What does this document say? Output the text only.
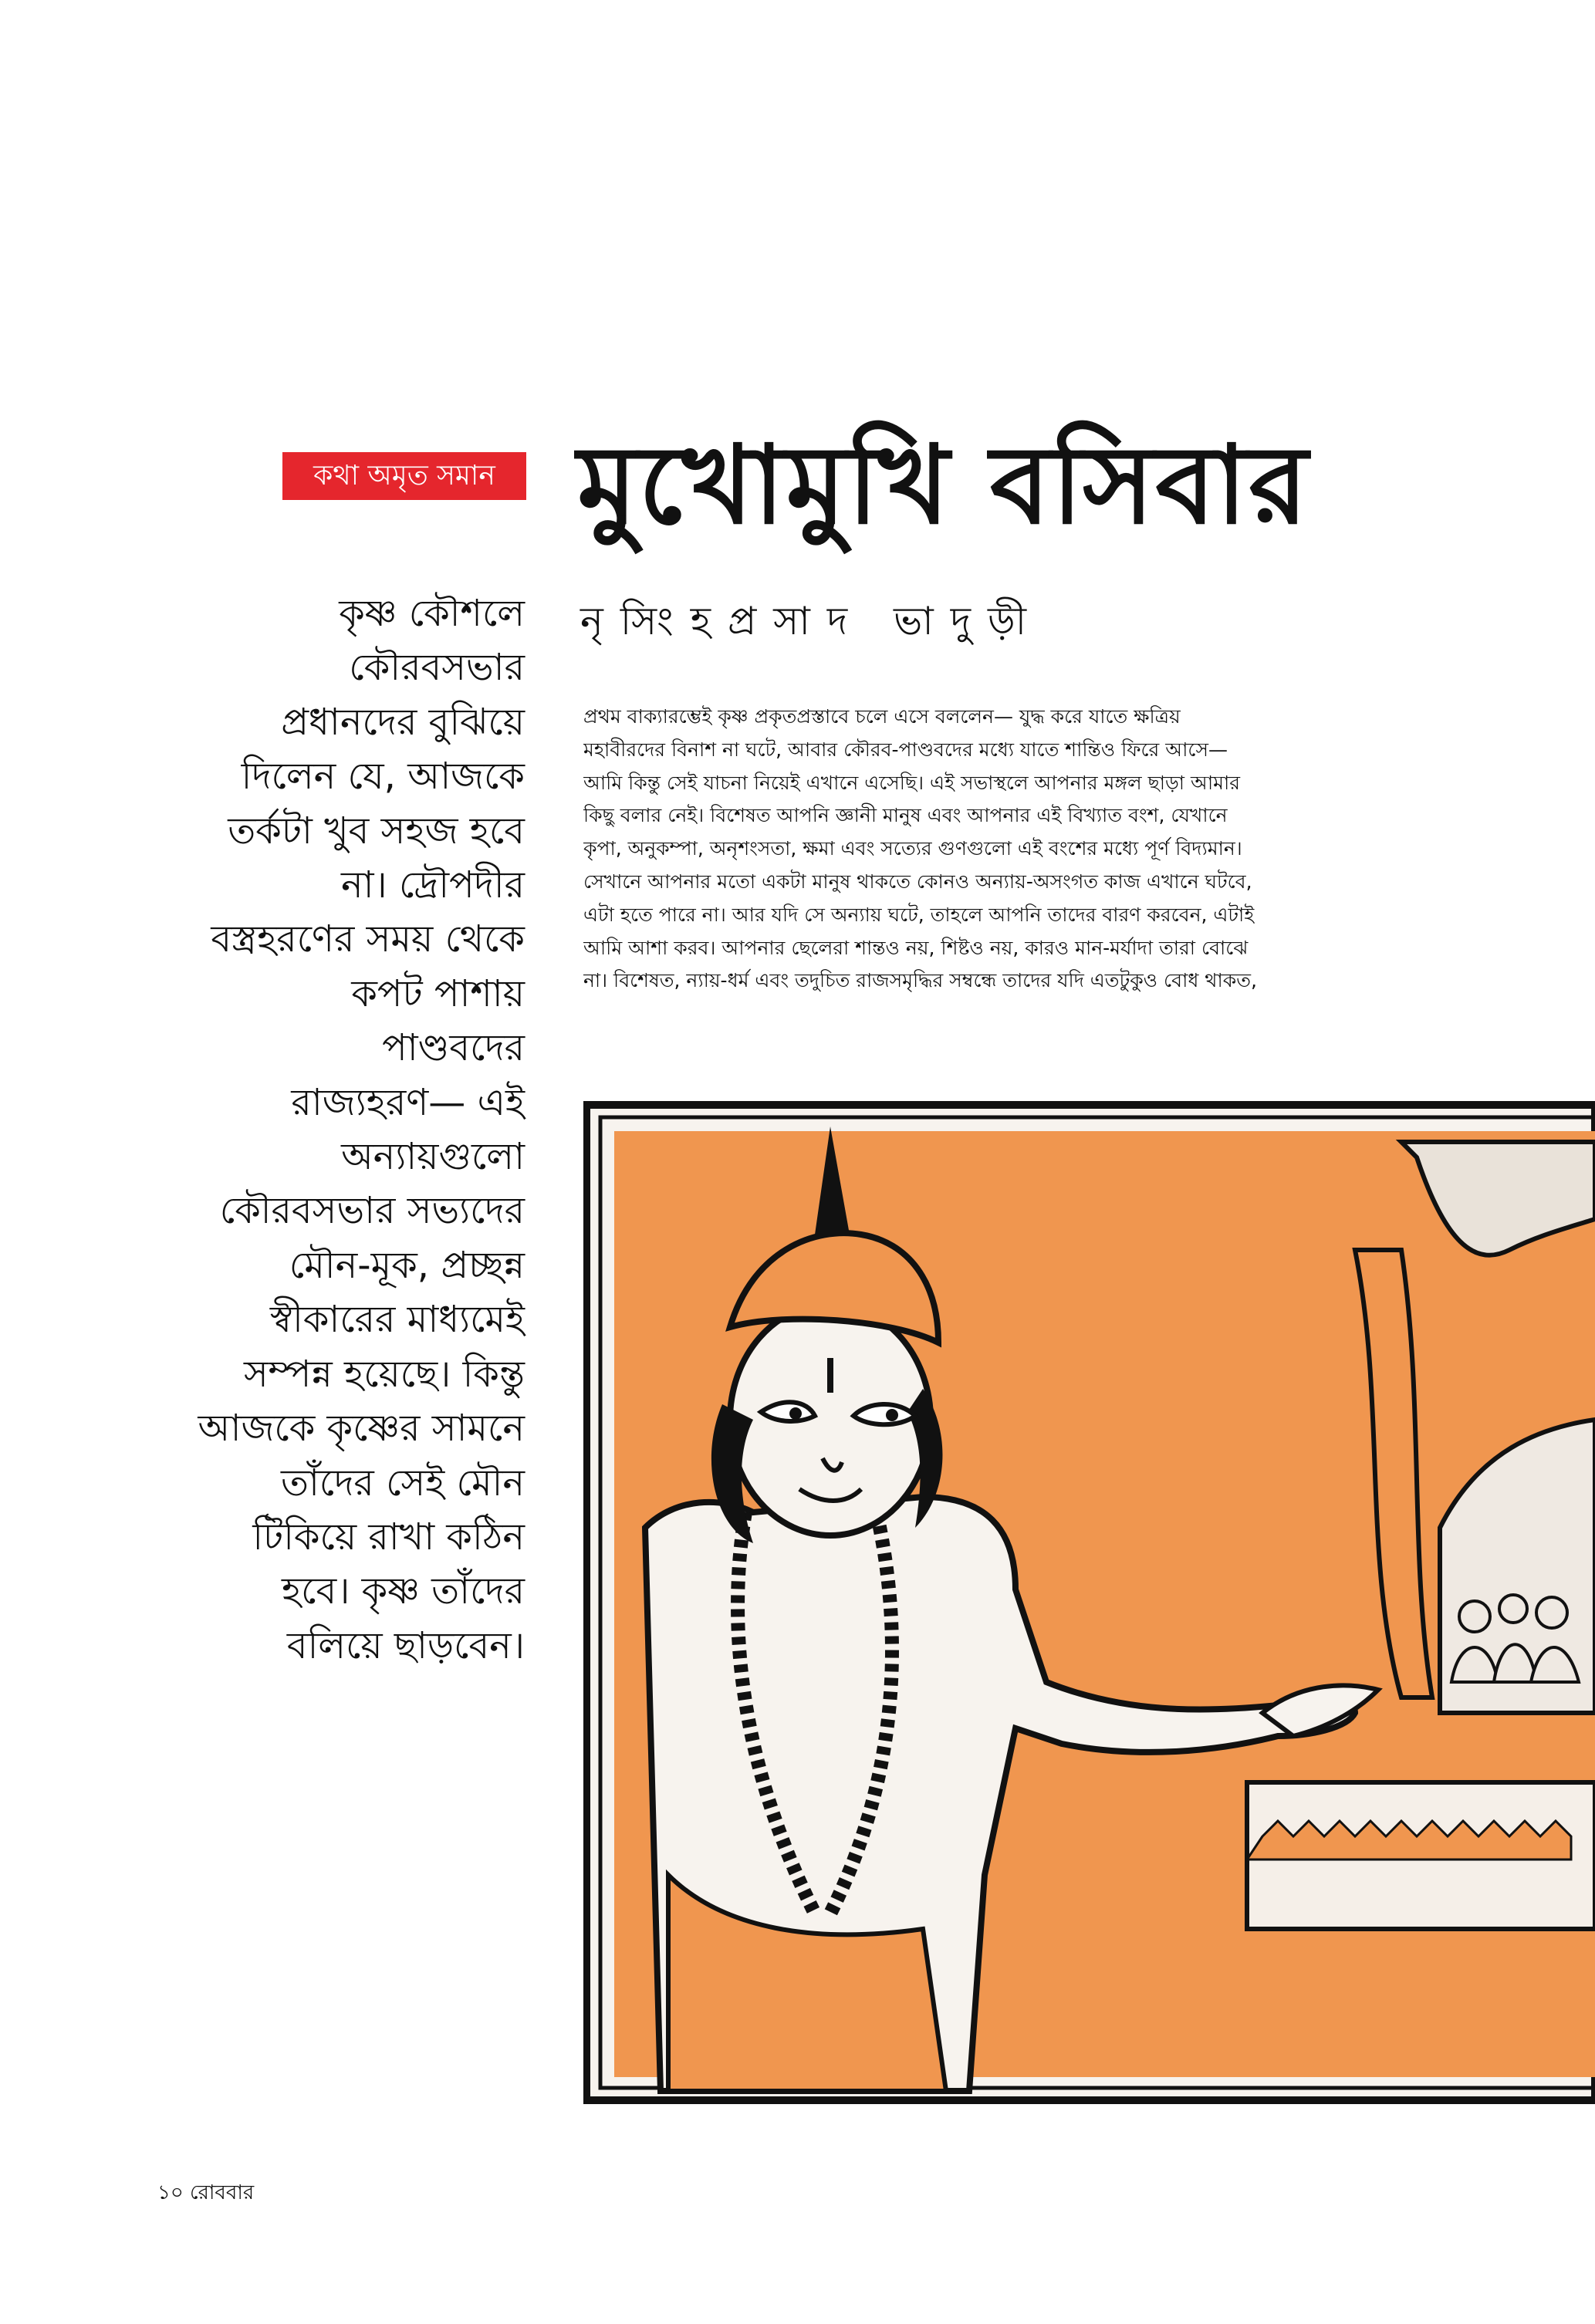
কথা অমৃত সমান মুখোমুখি বসিবার
নৃসিংহপ্রসাদ ভাদুড়ী
কৃষ্ণ কৌশলে
কৌরবসভার
প্রধানদের বুঝিয়ে
দিলেন যে, আজকে
তর্কটা খুব সহজ হবে
না। দ্রৌপদীর
বস্ত্রহরণের সময় থেকে
কপট পাশায়
পাণ্ডবদের
রাজ্যহরণ— এই
অন্যায়গুলো
কৌরবসভার সভ্যদের
মৌন-মূক, প্রচ্ছন্ন
স্বীকারের মাধ্যমেই
সম্পন্ন হয়েছে। কিন্তু
আজকে কৃষ্ণের সামনে
তাঁদের সেই মৌন
টিকিয়ে রাখা কঠিন
হবে। কৃষ্ণ তাঁদের
বলিয়ে ছাড়বেন।
প্রথম বাক্যারম্ভেই কৃষ্ণ প্রকৃতপ্রস্তাবে চলে এসে বললেন— যুদ্ধ করে যাতে ক্ষত্রিয়
মহাবীরদের বিনাশ না ঘটে, আবার কৌরব-পাণ্ডবদের মধ্যে যাতে শান্তিও ফিরে আসে—
আমি কিন্তু সেই যাচনা নিয়েই এখানে এসেছি। এই সভাস্থলে আপনার মঙ্গল ছাড়া আমার
কিছু বলার নেই। বিশেষত আপনি জ্ঞানী মানুষ এবং আপনার এই বিখ্যাত বংশ, যেখানে
কৃপা, অনুকম্পা, অনৃশংসতা, ক্ষমা এবং সত্যের গুণগুলো এই বংশের মধ্যে পূর্ণ বিদ্যমান।
সেখানে আপনার মতো একটা মানুষ থাকতে কোনও অন্যায়-অসংগত কাজ এখানে ঘটবে,
এটা হতে পারে না। আর যদি সে অন্যায় ঘটে, তাহলে আপনি তাদের বারণ করবেন, এটাই
আমি আশা করব। আপনার ছেলেরা শান্তও নয়, শিষ্টও নয়, কারও মান-মর্যাদা তারা বোঝে
না। বিশেষত, ন্যায়-ধর্ম এবং তদুচিত রাজসমৃদ্ধির সম্বন্ধে তাদের যদি এতটুকুও বোধ থাকত,
১০ রোববার
